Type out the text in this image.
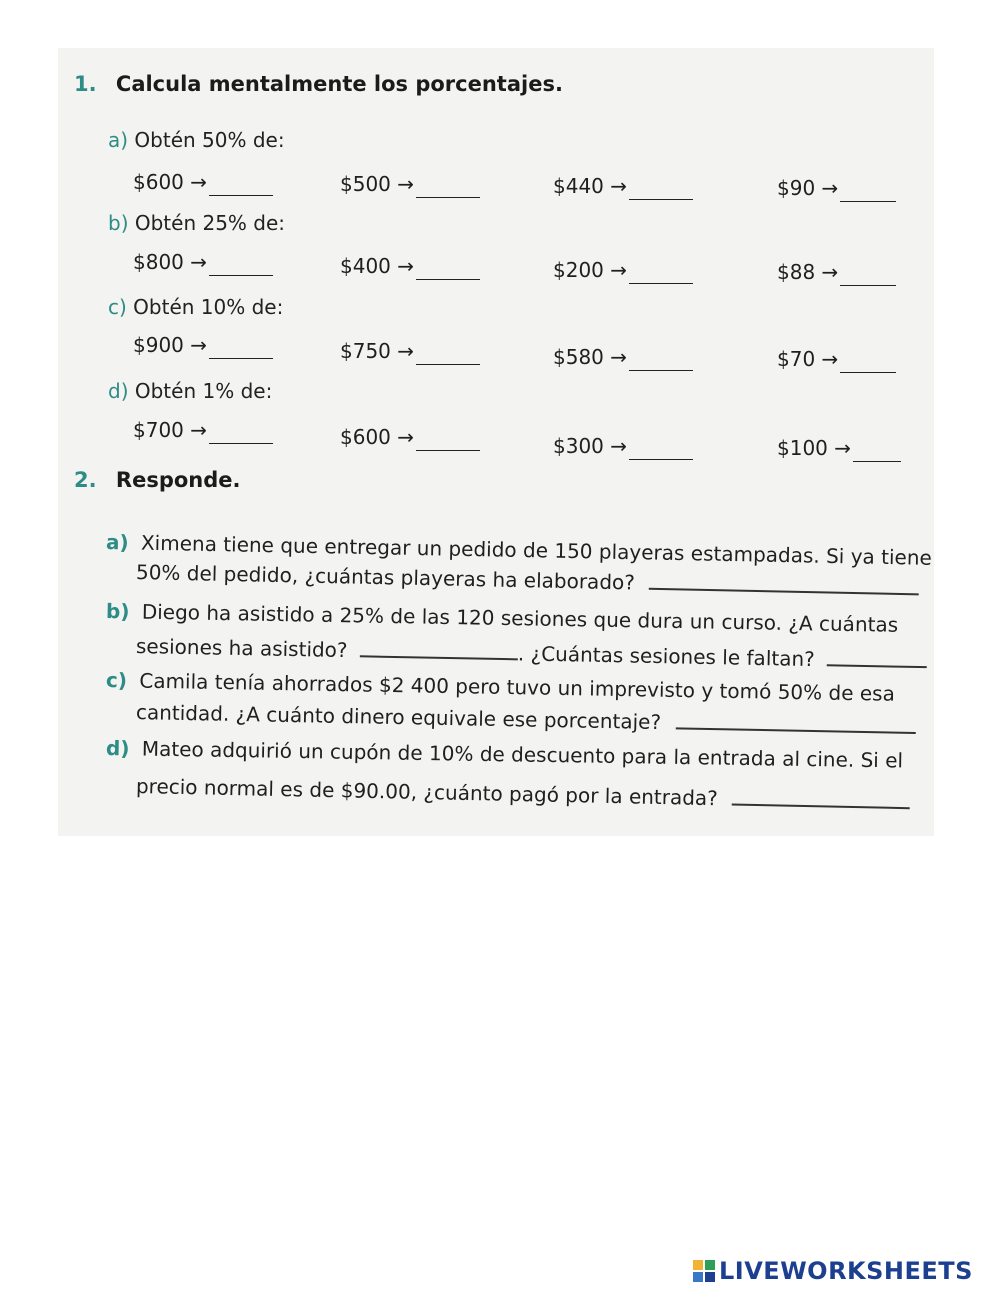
1. Calcula mentalmente los porcentajes.
a) Obtén 50% de:
$600 →	$500 →	$440 →	$90 →
b) Obtén 25% de:
$800 →	$400 →	$200 →	$88 →
c) Obtén 10% de:
$900 →	$750 →	$580 →	$70 →
d) Obtén 1% de:
$700 →	$600 →	$300 →	$100 →
2. Responde.
a) Ximena tiene que entregar un pedido de 150 playeras estampadas. Si ya tiene
50% del pedido, ¿cuántas playeras ha elaborado?
b) Diego ha asistido a 25% de las 120 sesiones que dura un curso. ¿A cuántas
sesiones ha asistido?	. ¿Cuántas sesiones le faltan?
c) Camila tenía ahorrados $2 400 pero tuvo un imprevisto y tomó 50% de esa
cantidad. ¿A cuánto dinero equivale ese porcentaje?
d) Mateo adquirió un cupón de 10% de descuento para la entrada al cine. Si el
precio normal es de $90.00, ¿cuánto pagó por la entrada?
LIVEWORKSHEETS
